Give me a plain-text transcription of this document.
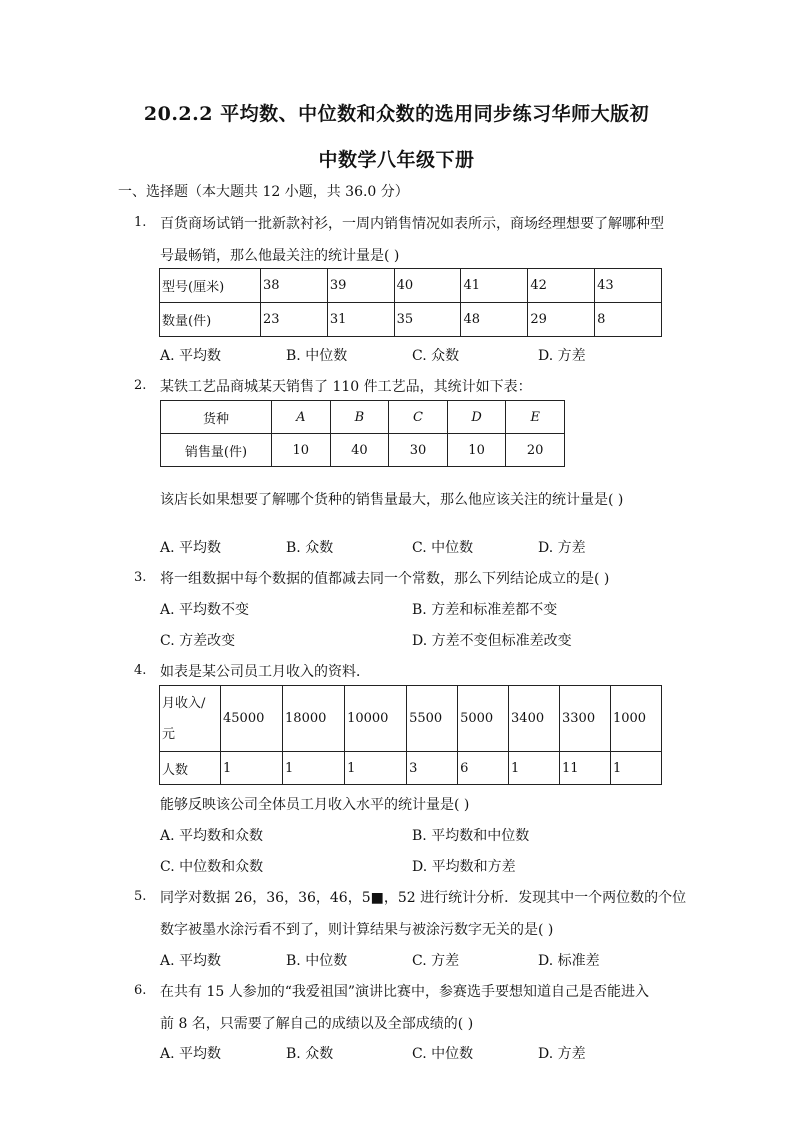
20.2.2 平均数、中位数和众数的选用同步练习华师大版初
中数学八年级下册
一、选择题（本大题共 12 小题，共 36.0 分）
1. 百货商场试销一批新款衬衫，一周内销售情况如表所示，商场经理想要了解哪种型
号最畅销，那么他最关注的统计量是( )
型号(厘米)	38	39	40	41	42	43
数量(件)	23	31	35	48	29	8
A. 平均数	B. 中位数	C. 众数	D. 方差
2. 某铁工艺品商城某天销售了 110 件工艺品，其统计如下表：
货种	A	B	C	D	E
销售量(件)	10	40	30	10	20
该店长如果想要了解哪个货种的销售量最大，那么他应该关注的统计量是( )
A. 平均数	B. 众数	C. 中位数	D. 方差
3. 将一组数据中每个数据的值都减去同一个常数，那么下列结论成立的是( )
A. 平均数不变	B. 方差和标准差都不变
C. 方差改变	D. 方差不变但标准差改变
4. 如表是某公司员工月收入的资料．
月收入/
元	45000	18000	10000	5500	5000	3400	3300	1000
人数	1	1	1	3	6	1	11	1
能够反映该公司全体员工月收入水平的统计量是( )
A. 平均数和众数	B. 平均数和中位数
C. 中位数和众数	D. 平均数和方差
5. 同学对数据 26，36，36，46，5■，52 进行统计分析．发现其中一个两位数的个位
数字被墨水涂污看不到了，则计算结果与被涂污数字无关的是( )
A. 平均数	B. 中位数	C. 方差	D. 标准差
6. 在共有 15 人参加的“我爱祖国”演讲比赛中，参赛选手要想知道自己是否能进入
前 8 名，只需要了解自己的成绩以及全部成绩的( )
A. 平均数	B. 众数	C. 中位数	D. 方差
